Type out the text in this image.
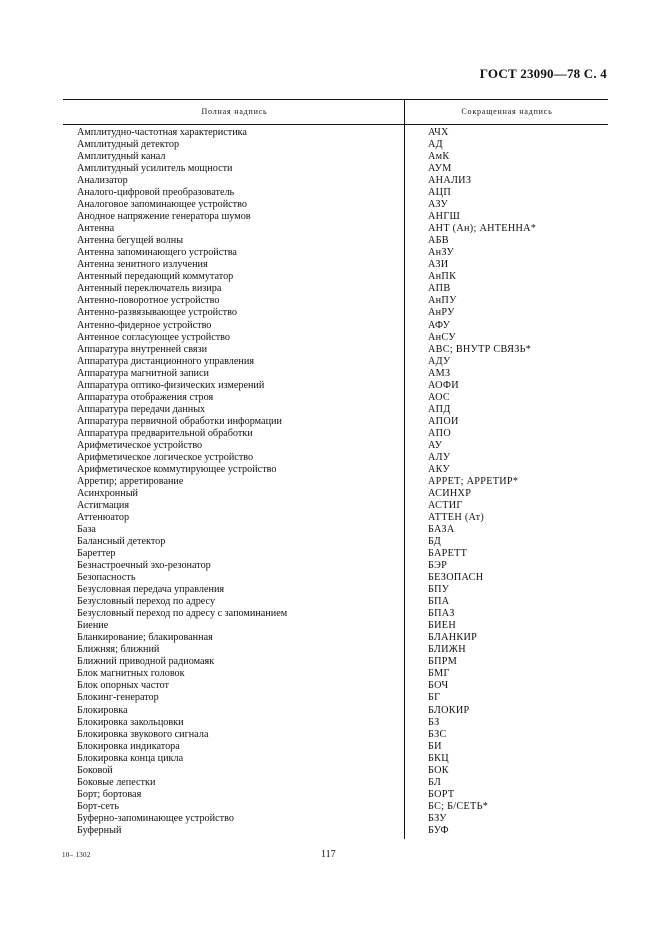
ГОСТ 23090—78 С. 4
Полная надпись	Сокращенная надпись
Амплитудно-частотная характеристика	АЧХ
Амплитудный детектор	АД
Амплитудный канал	АмК
Амплитудный усилитель мощности	АУМ
Анализатор	АНАЛИЗ
Аналого-цифровой преобразователь	АЦП
Аналоговое запоминающее устройство	АЗУ
Анодное напряжение генератора шумов	АНГШ
Антенна	АНТ (Ан); АНТЕННА*
Антенна бегущей волны	АБВ
Антенна запоминающего устройства	АнЗУ
Антенна зенитного излучения	АЗИ
Антенный передающий коммутатор	АнПК
Антенный переключатель визира	АПВ
Антенно-поворотное устройство	АнПУ
Антенно-развязывающее устройство	АнРУ
Антенно-фидерное устройство	АФУ
Антенное согласующее устройство	АнСУ
Аппаратура внутренней связи	АВС; ВНУТР СВЯЗЬ*
Аппаратура дистанционного управления	АДУ
Аппаратура магнитной записи	АМЗ
Аппаратура оптико-физических измерений	АОФИ
Аппаратура отображения строя	АОС
Аппаратура передачи данных	АПД
Аппаратура первичной обработки информации	АПОИ
Аппаратура предварительной обработки	АПО
Арифметическое устройство	АУ
Арифметическое логическое устройство	АЛУ
Арифметическое коммутирующее устройство	АКУ
Арретир; арретирование	АРРЕТ; АРРЕТИР*
Асинхронный	АСИНХР
Астигмация	АСТИГ
Аттенюатор	АТТЕН (Ат)
База	БАЗА
Балансный детектор	БД
Бареттер	БАРЕТТ
Безнастроечный эхо-резонатор	БЭР
Безопасность	БЕЗОПАСН
Безусловная передача управления	БПУ
Безусловный переход по адресу	БПА
Безусловный переход по адресу с запоминанием	БПАЗ
Биение	БИЕН
Бланкирование; блакированная	БЛАНКИР
Ближняя; ближний	БЛИЖН
Ближний приводной радиомаяк	БПРМ
Блок магнитных головок	БМГ
Блок опорных частот	БОЧ
Блокинг-генератор	БГ
Блокировка	БЛОКИР
Блокировка закольцовки	БЗ
Блокировка звукового сигнала	БЗС
Блокировка индикатора	БИ
Блокировка конца цикла	БКЦ
Боковой	БОК
Боковые лепестки	БЛ
Борт; бортовая	БОРТ
Борт-сеть	БС; Б/СЕТЬ*
Буферно-запоминающее устройство	БЗУ
Буферный	БУФ
10– 1302	117
